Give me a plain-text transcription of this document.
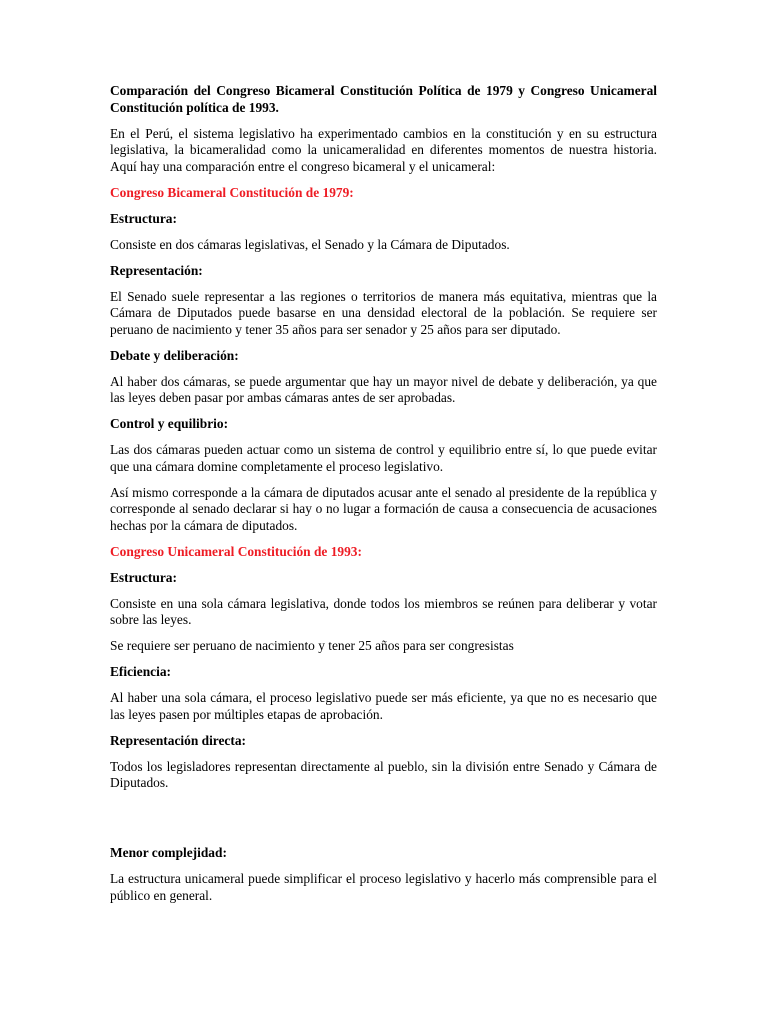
Comparación del Congreso Bicameral Constitución Política de 1979 y Congreso Unicameral Constitución política de 1993.

En el Perú, el sistema legislativo ha experimentado cambios en la constitución y en su estructura legislativa, la bicameralidad como la unicameralidad en diferentes momentos de nuestra historia. Aquí hay una comparación entre el congreso bicameral y el unicameral:

Congreso Bicameral Constitución de 1979:

Estructura:

Consiste en dos cámaras legislativas, el Senado y la Cámara de Diputados.

Representación:

El Senado suele representar a las regiones o territorios de manera más equitativa, mientras que la Cámara de Diputados puede basarse en una densidad electoral de la población. Se requiere ser peruano de nacimiento y tener 35 años para ser senador y 25 años para ser diputado.

Debate y deliberación:

Al haber dos cámaras, se puede argumentar que hay un mayor nivel de debate y deliberación, ya que las leyes deben pasar por ambas cámaras antes de ser aprobadas.

Control y equilibrio:

Las dos cámaras pueden actuar como un sistema de control y equilibrio entre sí, lo que puede evitar que una cámara domine completamente el proceso legislativo.

Así mismo corresponde a la cámara de diputados acusar ante el senado al presidente de la república y corresponde al senado declarar si hay o no lugar a formación de causa a consecuencia de acusaciones hechas por la cámara de diputados.

Congreso Unicameral Constitución de 1993:

Estructura:

Consiste en una sola cámara legislativa, donde todos los miembros se reúnen para deliberar y votar sobre las leyes.

Se requiere ser peruano de nacimiento y tener 25 años para ser congresistas

Eficiencia:

Al haber una sola cámara, el proceso legislativo puede ser más eficiente, ya que no es necesario que las leyes pasen por múltiples etapas de aprobación.

Representación directa:

Todos los legisladores representan directamente al pueblo, sin la división entre Senado y Cámara de Diputados.

Menor complejidad:

La estructura unicameral puede simplificar el proceso legislativo y hacerlo más comprensible para el público en general.
